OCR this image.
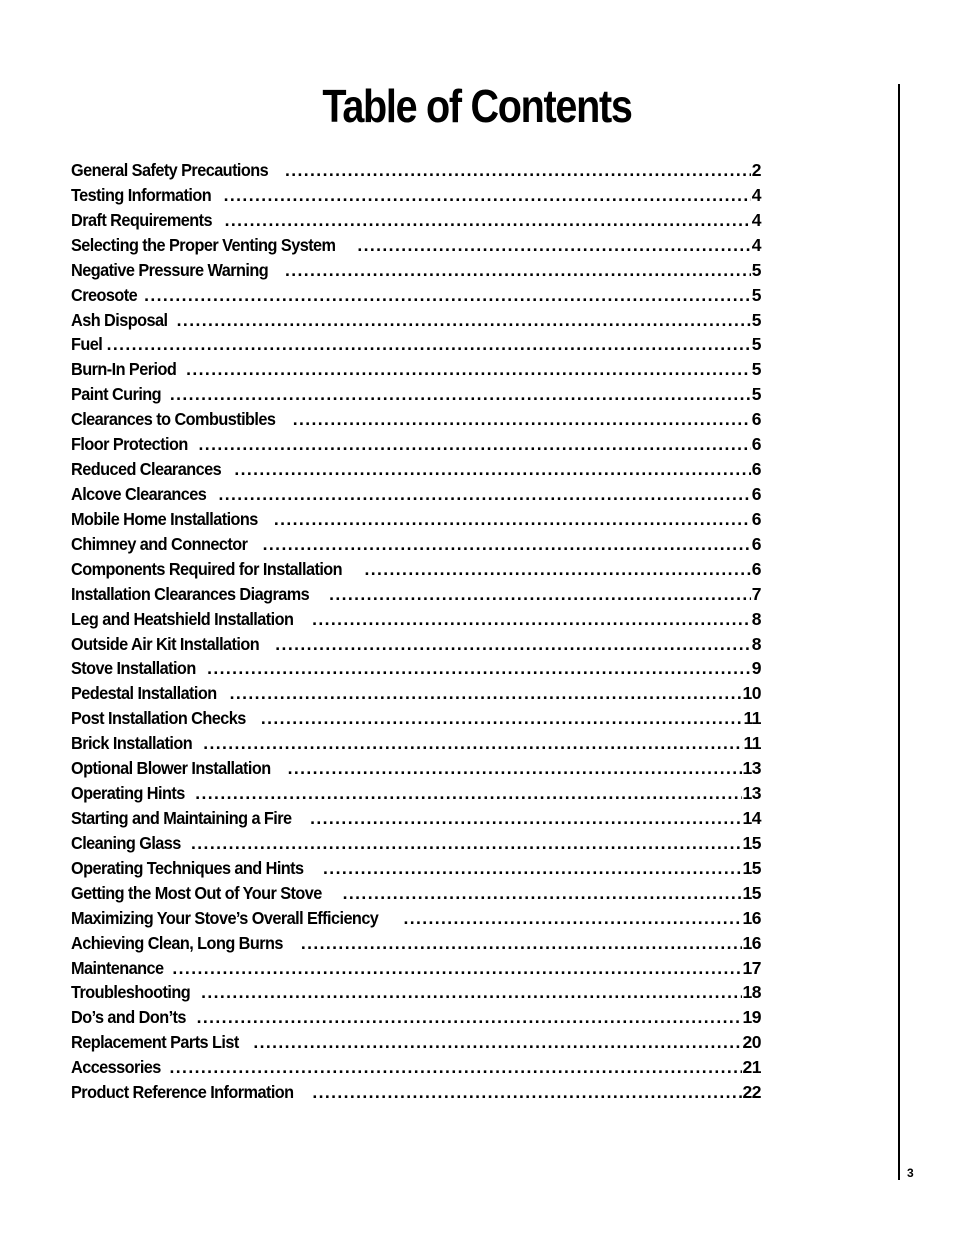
Table of Contents
General Safety Precautions .....	2
Testing Information .....	4
Draft Requirements .....	4
Selecting the Proper Venting System .....	4
Negative Pressure Warning .....	5
Creosote .....	5
Ash Disposal .....	5
Fuel .....	5
Burn-In Period .....	5
Paint Curing .....	5
Clearances to Combustibles .....	6
Floor Protection .....	6
Reduced Clearances .....	6
Alcove Clearances .....	6
Mobile Home Installations .....	6
Chimney and Connector .....	6
Components Required for Installation .....	6
Installation Clearances Diagrams .....	7
Leg and Heatshield Installation .....	8
Outside Air Kit Installation .....	8
Stove Installation .....	9
Pedestal Installation .....	10
Post Installation Checks .....	11
Brick Installation .....	11
Optional Blower Installation .....	13
Operating Hints .....	13
Starting and Maintaining a Fire .....	14
Cleaning Glass .....	15
Operating Techniques and Hints .....	15
Getting the Most Out of Your Stove .....	15
Maximizing Your Stove’s Overall Efficiency .....	16
Achieving Clean, Long Burns .....	16
Maintenance .....	17
Troubleshooting .....	18
Do’s and Don’ts .....	19
Replacement Parts List .....	20
Accessories .....	21
Product Reference Information .....	22
3
